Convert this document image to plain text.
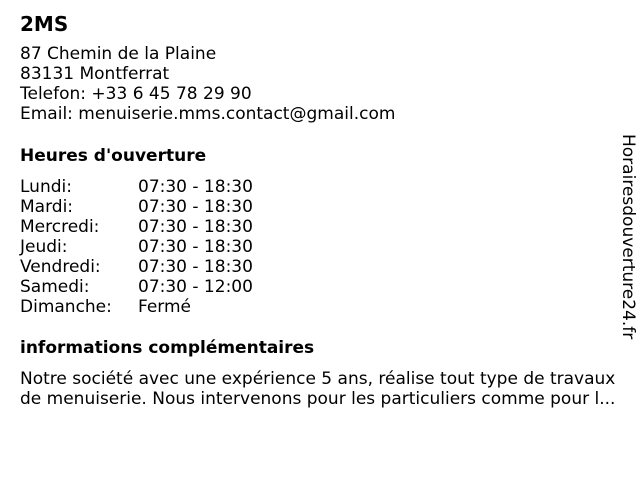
2MS
87 Chemin de la Plaine
83131 Montferrat
Telefon: +33 6 45 78 29 90
Email: menuiserie.mms.contact@gmail.com
Heures d'ouverture
Lundi:	07:30 - 18:30
Mardi:	07:30 - 18:30
Mercredi:	07:30 - 18:30
Jeudi:	07:30 - 18:30
Vendredi:	07:30 - 18:30
Samedi:	07:30 - 12:00
Dimanche:	Fermé
informations complémentaires
Notre société avec une expérience 5 ans, réalise tout type de travaux
de menuiserie. Nous intervenons pour les particuliers comme pour l...
Horairesdouverture24.fr
